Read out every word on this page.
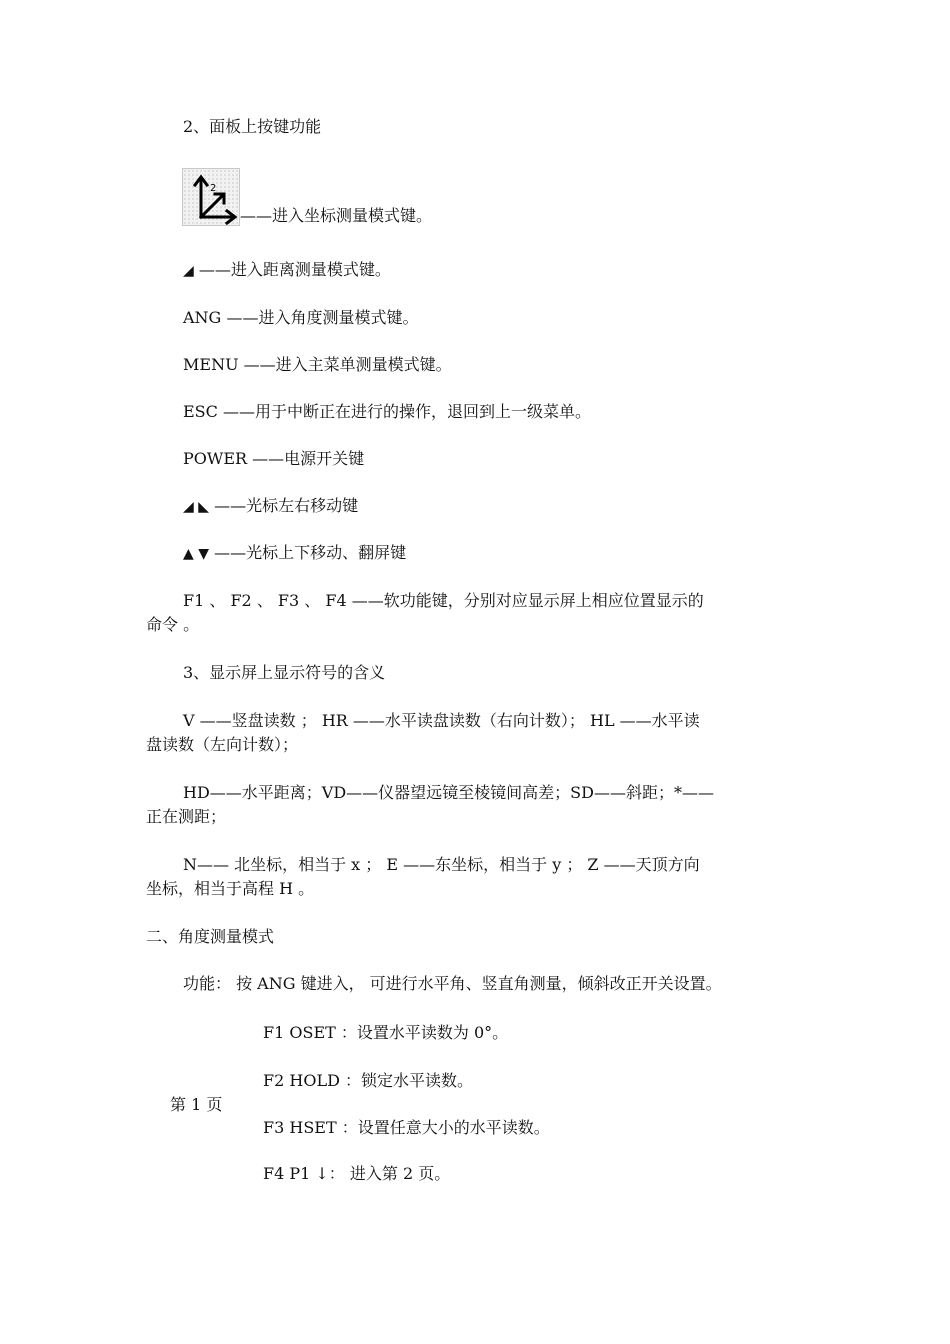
2、面板上按键功能
2
——进入坐标测量模式键。
◢ ——进入距离测量模式键。
ANG ——进入角度测量模式键。
MENU ——进入主菜单测量模式键。
ESC ——用于中断正在进行的操作，退回到上一级菜单。
POWER ——电源开关键
◢ ◣ ——光标左右移动键
▲ ▼ ——光标上下移动、翻屏键
F1 、 F2 、 F3 、 F4 ——软功能键，分别对应显示屏上相应位置显示的
命令 。
3、显示屏上显示符号的含义
V ——竖盘读数 ； HR ——水平读盘读数（右向计数）； HL ——水平读
盘读数（左向计数）；
HD——水平距离；VD——仪器望远镜至棱镜间高差；SD——斜距；*——
正在测距；
N—— 北坐标，相当于 x ； E ——东坐标，相当于 y ； Z ——天顶方向
坐标，相当于高程 H 。
二、角度测量模式
功能： 按 ANG 键进入， 可进行水平角、竖直角测量，倾斜改正开关设置。
F1 OSET ：设置水平读数为 0°。
F2 HOLD ：锁定水平读数。
第 1 页
F3 HSET ：设置任意大小的水平读数。
F4 P1 ↓： 进入第 2 页。
